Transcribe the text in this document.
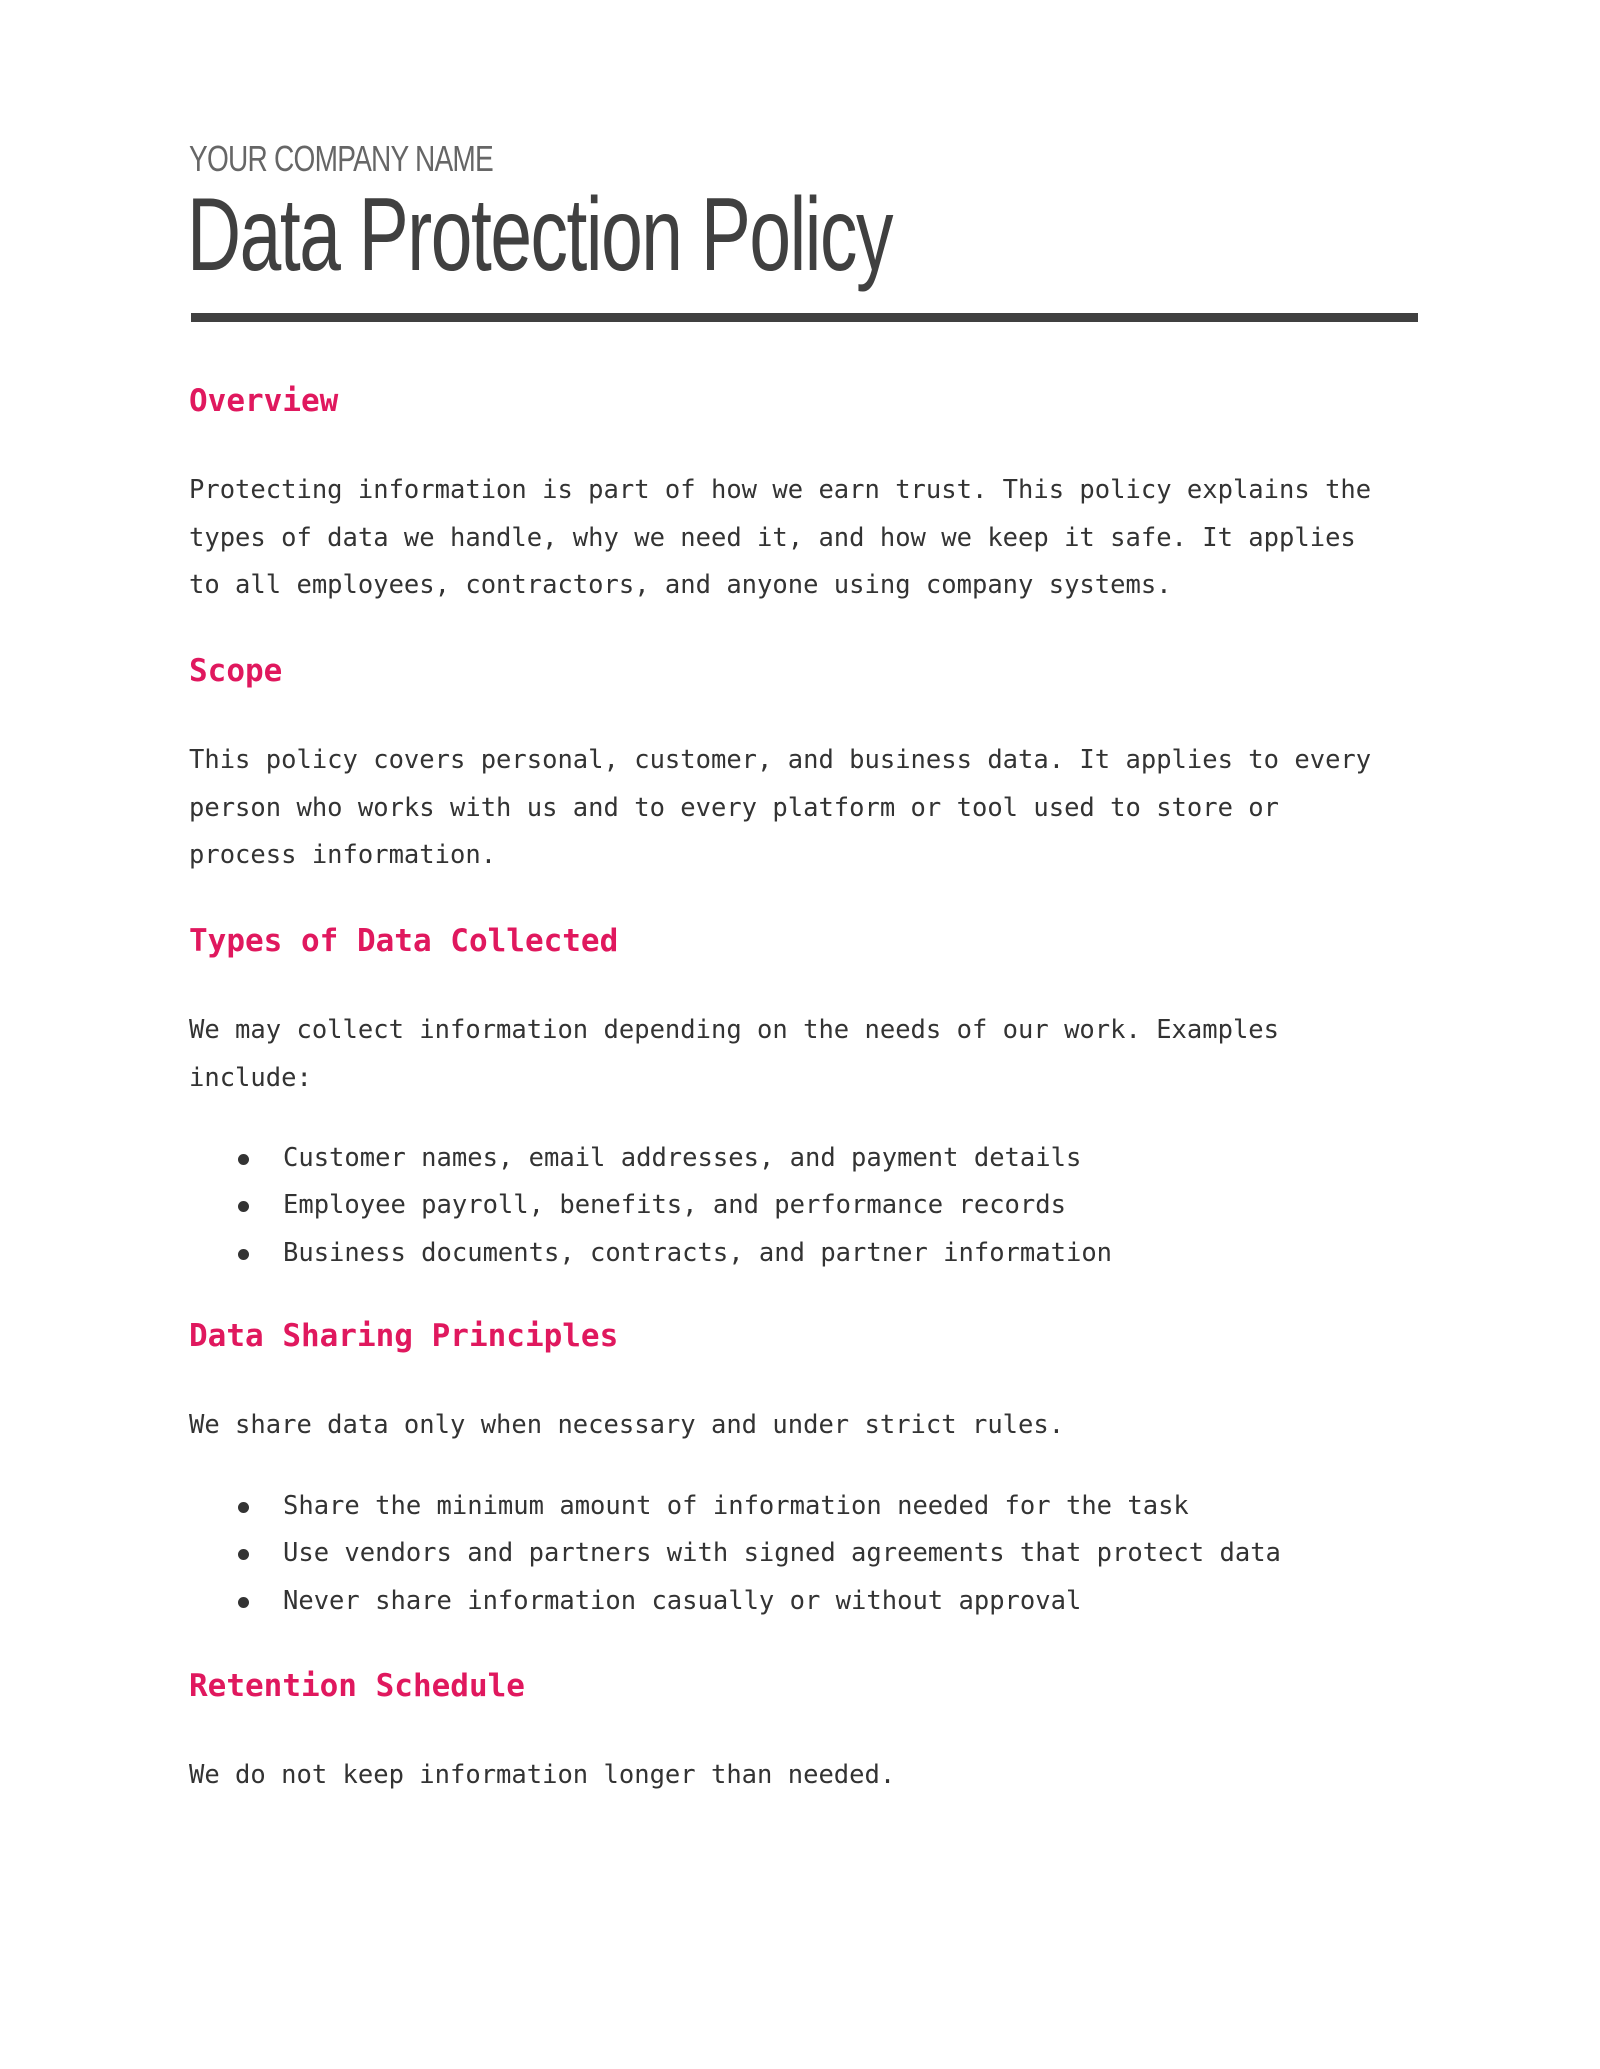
YOUR COMPANY NAME
Data Protection Policy
Overview
Protecting information is part of how we earn trust. This policy explains the
types of data we handle, why we need it, and how we keep it safe. It applies
to all employees, contractors, and anyone using company systems.
Scope
This policy covers personal, customer, and business data. It applies to every
person who works with us and to every platform or tool used to store or
process information.
Types of Data Collected
We may collect information depending on the needs of our work. Examples
include:
Customer names, email addresses, and payment details
Employee payroll, benefits, and performance records
Business documents, contracts, and partner information
Data Sharing Principles
We share data only when necessary and under strict rules.
Share the minimum amount of information needed for the task
Use vendors and partners with signed agreements that protect data
Never share information casually or without approval
Retention Schedule
We do not keep information longer than needed.
